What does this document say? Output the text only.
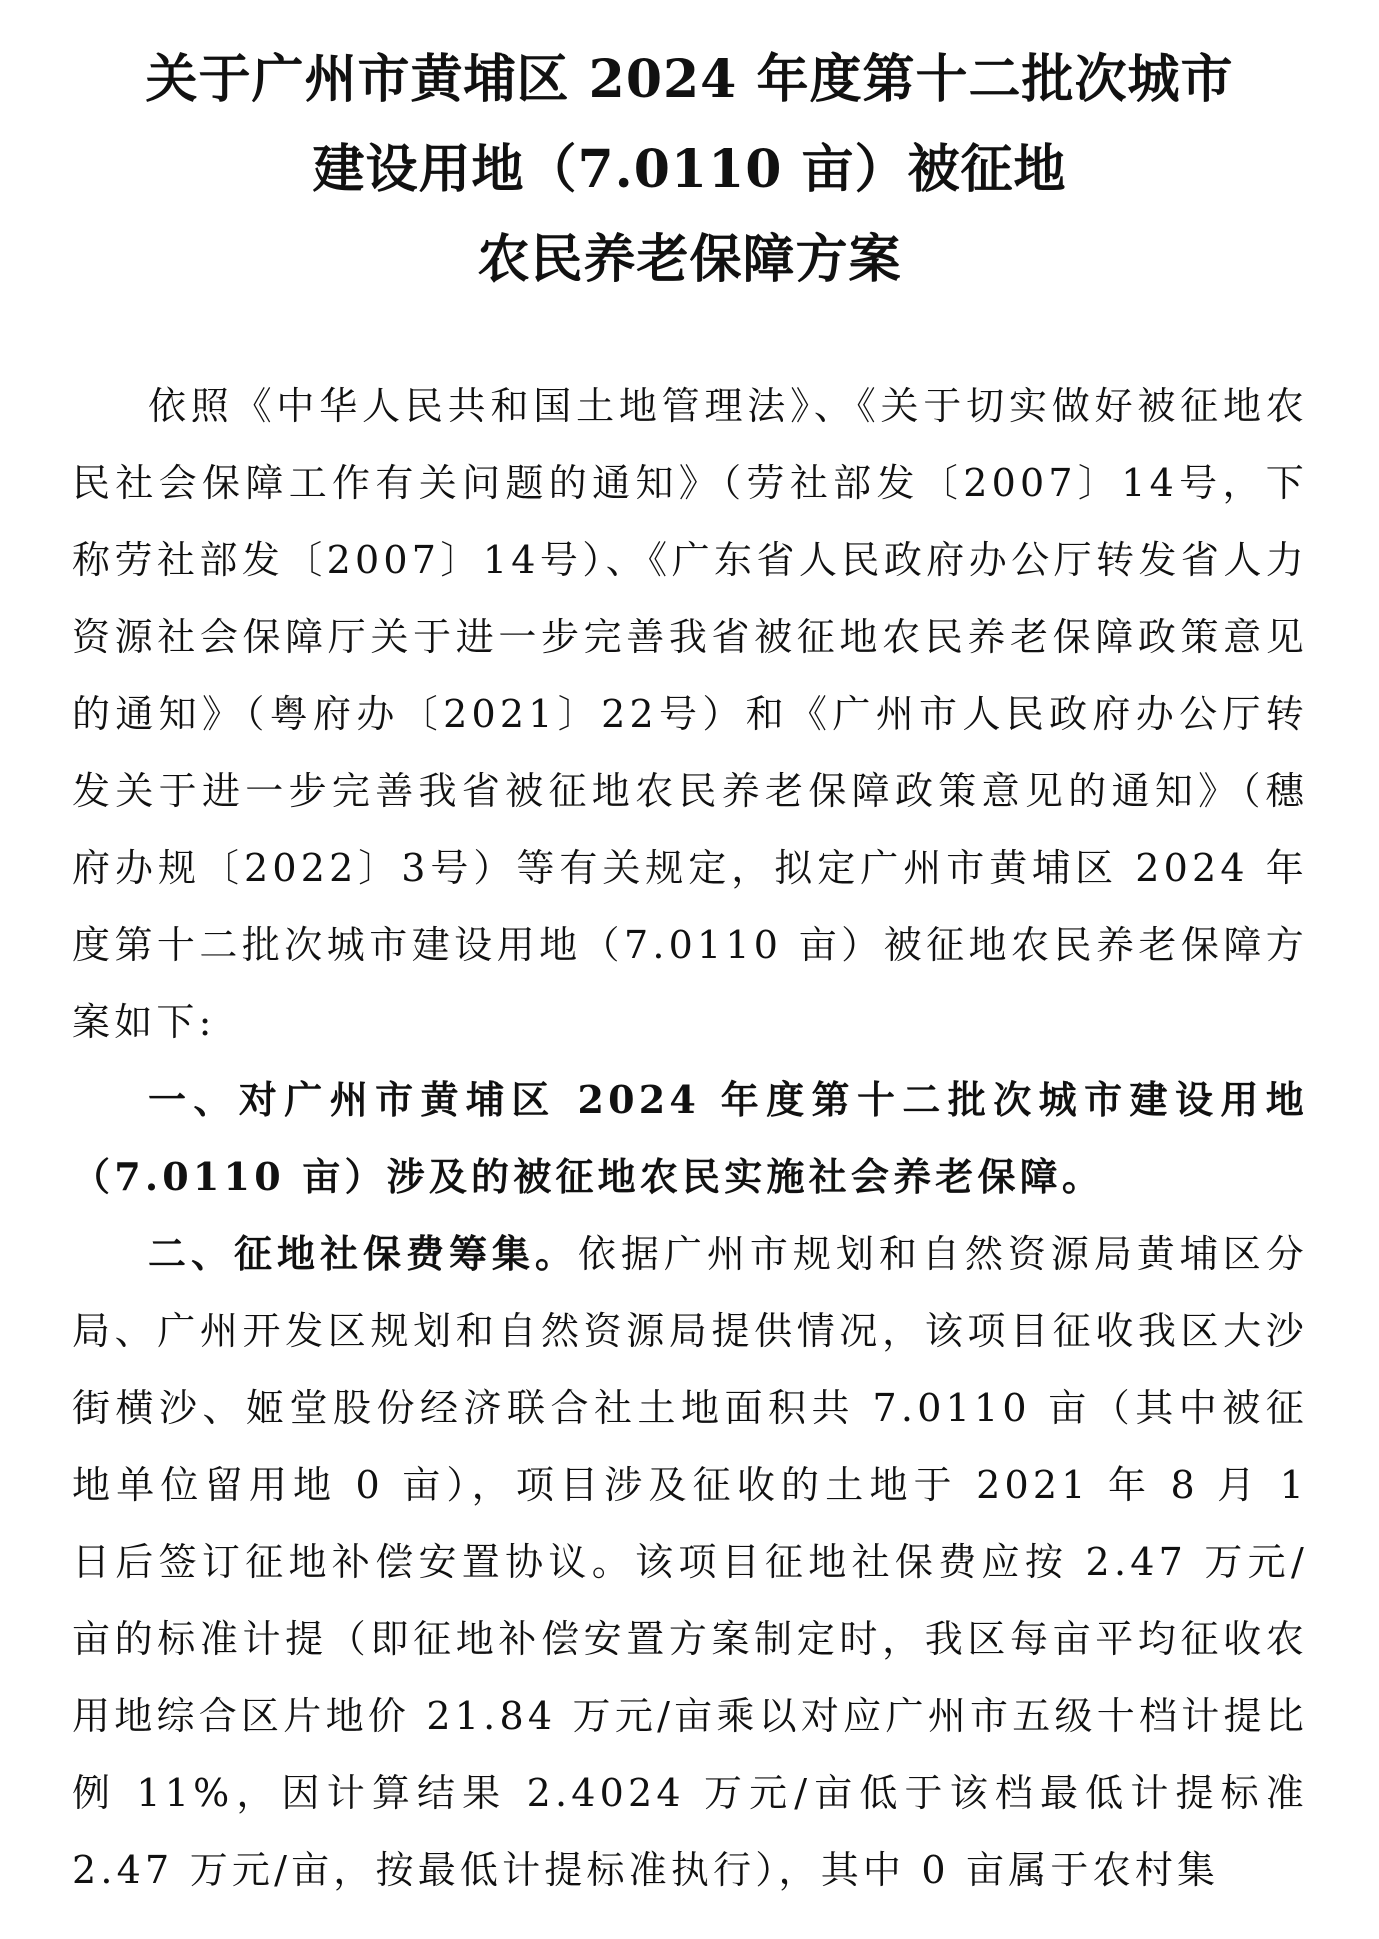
关于广州市黄埔区 2024 年度第十二批次城市
建设用地（7.0110 亩）被征地
农民养老保障方案

依照《中华人民共和国土地管理法》、《关于切实做好被征地农民社会保障工作有关问题的通知》（劳社部发〔2007〕14号，下称劳社部发〔2007〕14号）、《广东省人民政府办公厅转发省人力资源社会保障厅关于进一步完善我省被征地农民养老保障政策意见的通知》（粤府办〔2021〕22号）和《广州市人民政府办公厅转发关于进一步完善我省被征地农民养老保障政策意见的通知》（穗府办规〔2022〕3号）等有关规定，拟定广州市黄埔区 2024 年度第十二批次城市建设用地（7.0110 亩）被征地农民养老保障方案如下:

一、对广州市黄埔区 2024 年度第十二批次城市建设用地（7.0110 亩）涉及的被征地农民实施社会养老保障。

二、征地社保费筹集。依据广州市规划和自然资源局黄埔区分局、广州开发区规划和自然资源局提供情况，该项目征收我区大沙街横沙、姬堂股份经济联合社土地面积共 7.0110 亩（其中被征地单位留用地 0 亩），项目涉及征收的土地于 2021 年 8 月 1 日后签订征地补偿安置协议。该项目征地社保费应按 2.47 万元/亩的标准计提（即征地补偿安置方案制定时，我区每亩平均征收农用地综合区片地价 21.84 万元/亩乘以对应广州市五级十档计提比例 11%，因计算结果 2.4024 万元/亩低于该档最低计提标准 2.47 万元/亩，按最低计提标准执行），其中 0 亩属于农村集
